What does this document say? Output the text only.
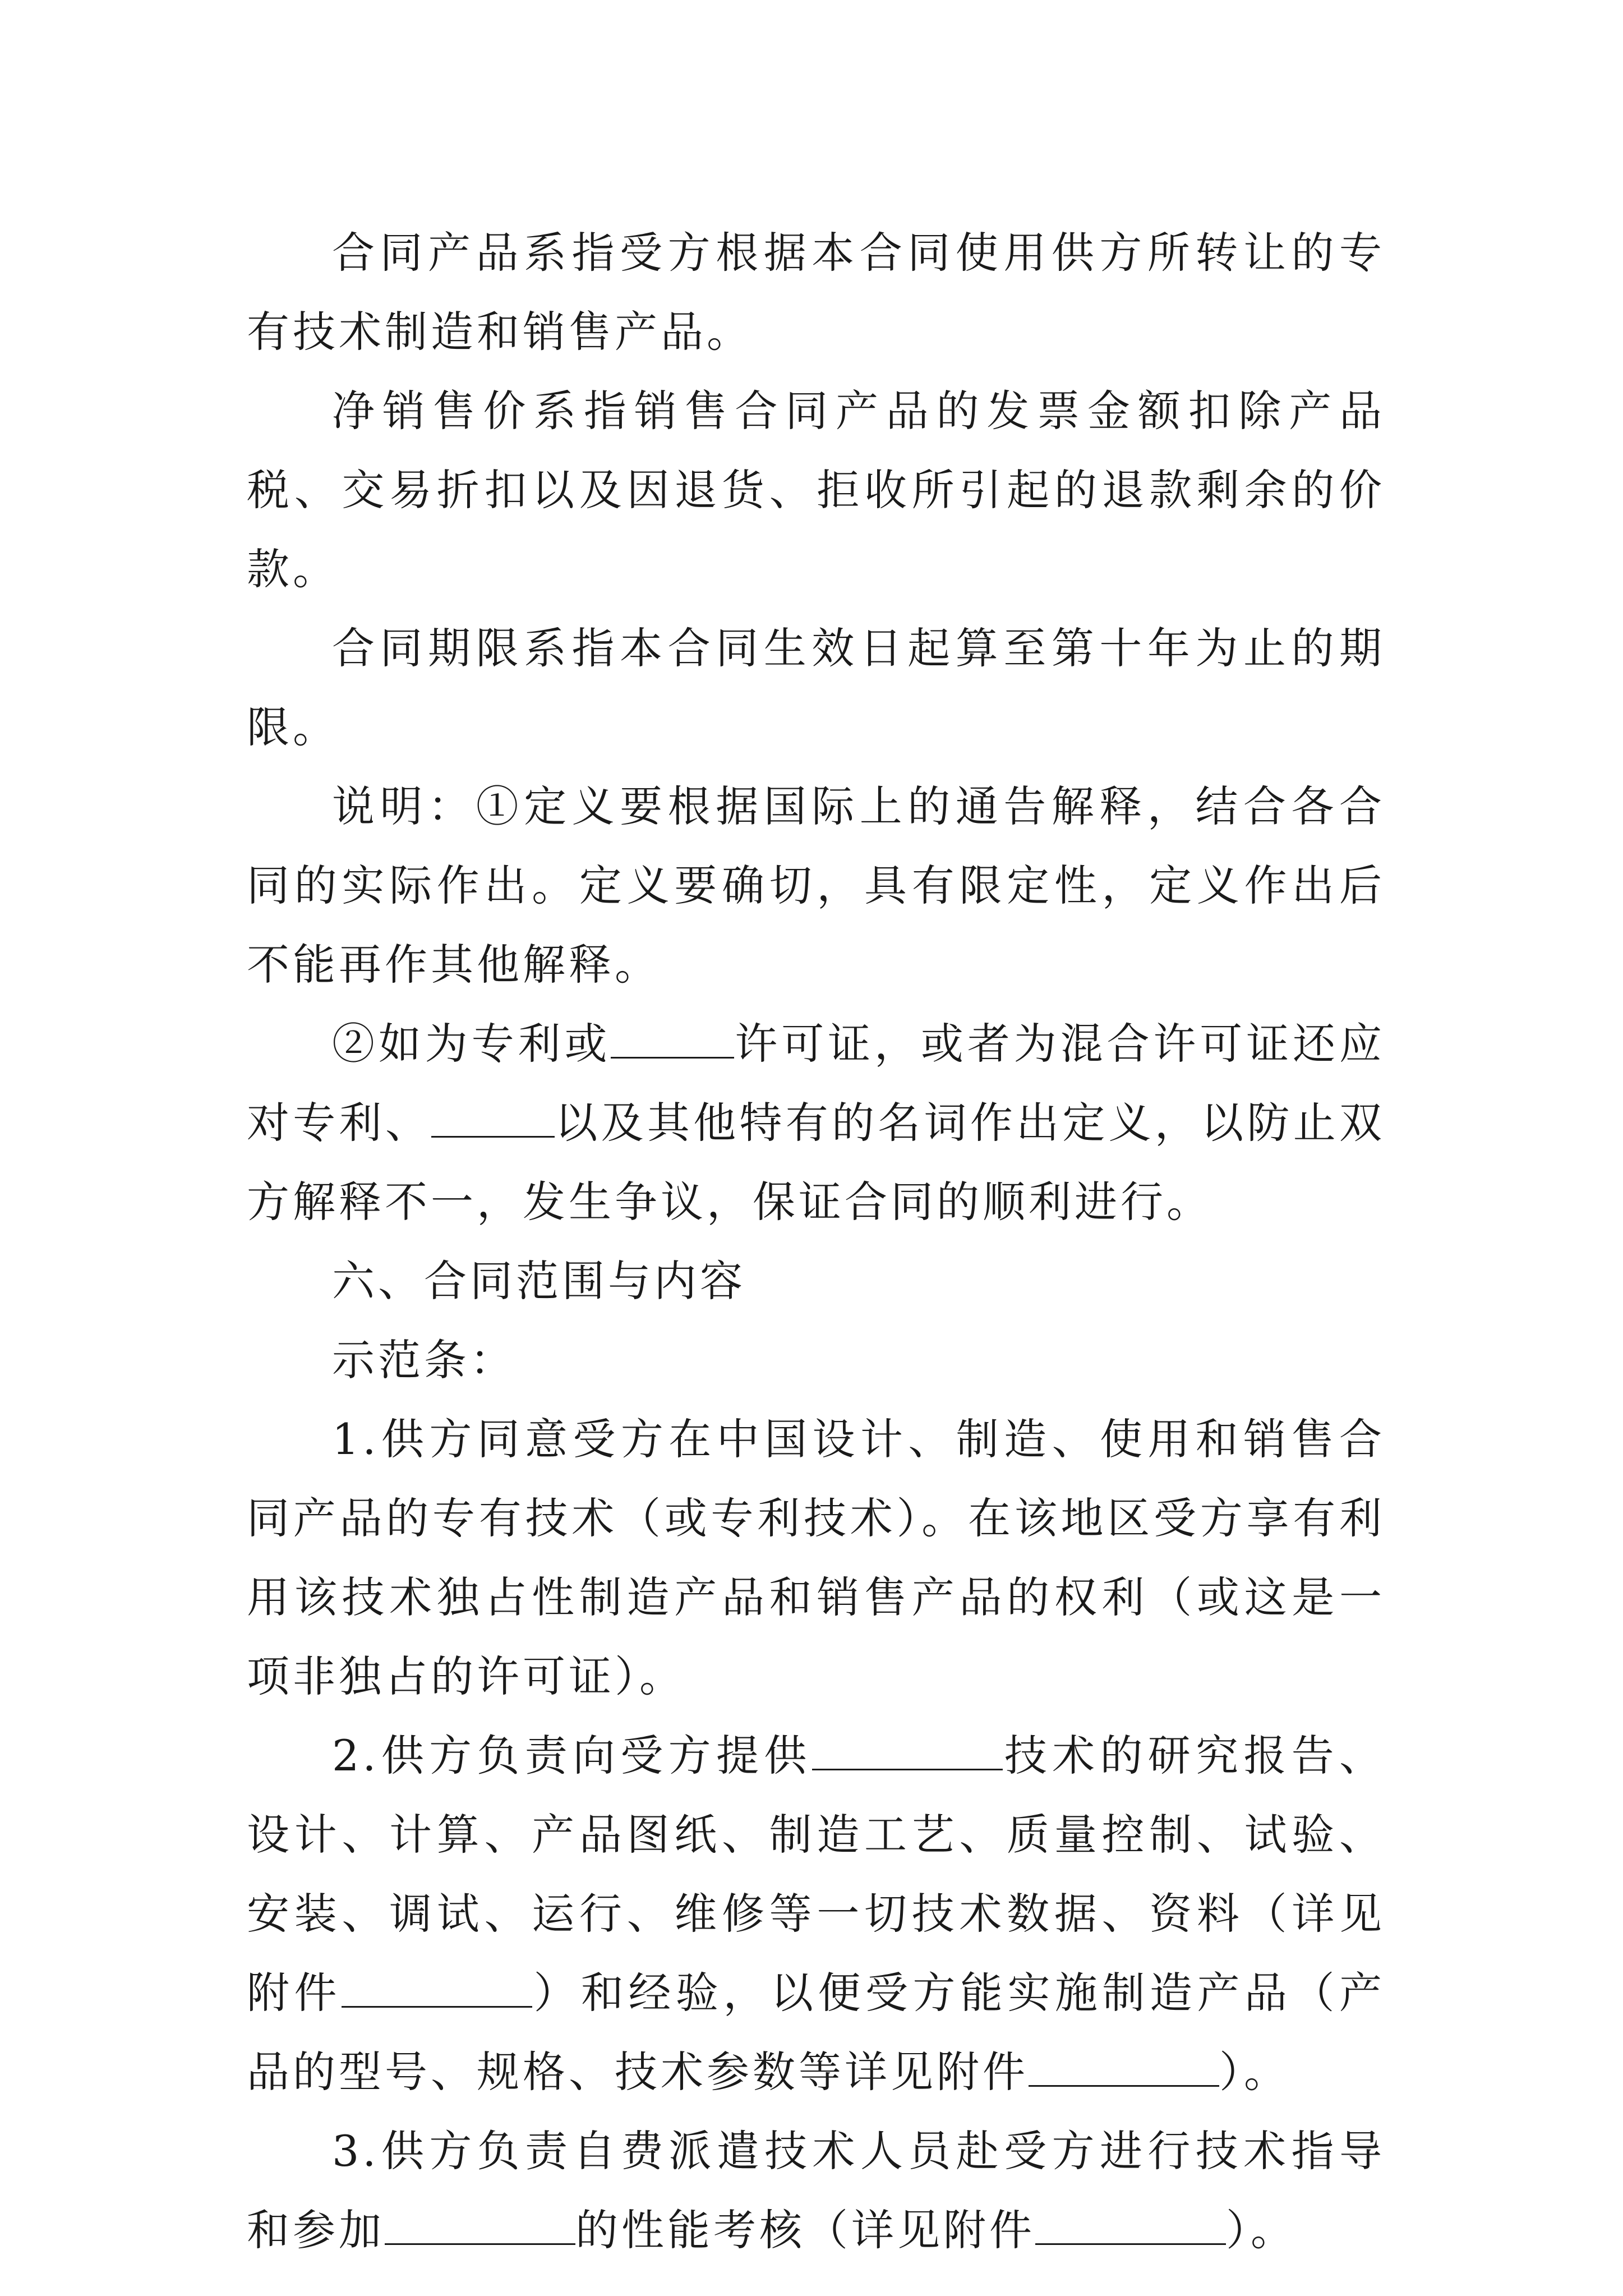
合同产品系指受方根据本合同使用供方所转让的专有技术制造和销售产品。

净销售价系指销售合同产品的发票金额扣除产品税、交易折扣以及因退货、拒收所引起的退款剩余的价款。

合同期限系指本合同生效日起算至第十年为止的期限。

说明：①定义要根据国际上的通告解释，结合各合同的实际作出。定义要确切，具有限定性，定义作出后不能再作其他解释。

②如为专利或	许可证，或者为混合许可证还应对专利、	以及其他特有的名词作出定义，以防止双方解释不一，发生争议，保证合同的顺利进行。

六、合同范围与内容

示范条：

1.供方同意受方在中国设计、制造、使用和销售合同产品的专有技术（或专利技术）。在该地区受方享有利用该技术独占性制造产品和销售产品的权利（或这是一项非独占的许可证）。

2.供方负责向受方提供	技术的研究报告、设计、计算、产品图纸、制造工艺、质量控制、试验、安装、调试、运行、维修等一切技术数据、资料（详见附件	）和经验，以便受方能实施制造产品（产品的型号、规格、技术参数等详见附件	）。

3.供方负责自费派遣技术人员赴受方进行技术指导和参加	的性能考核（详见附件	）。
